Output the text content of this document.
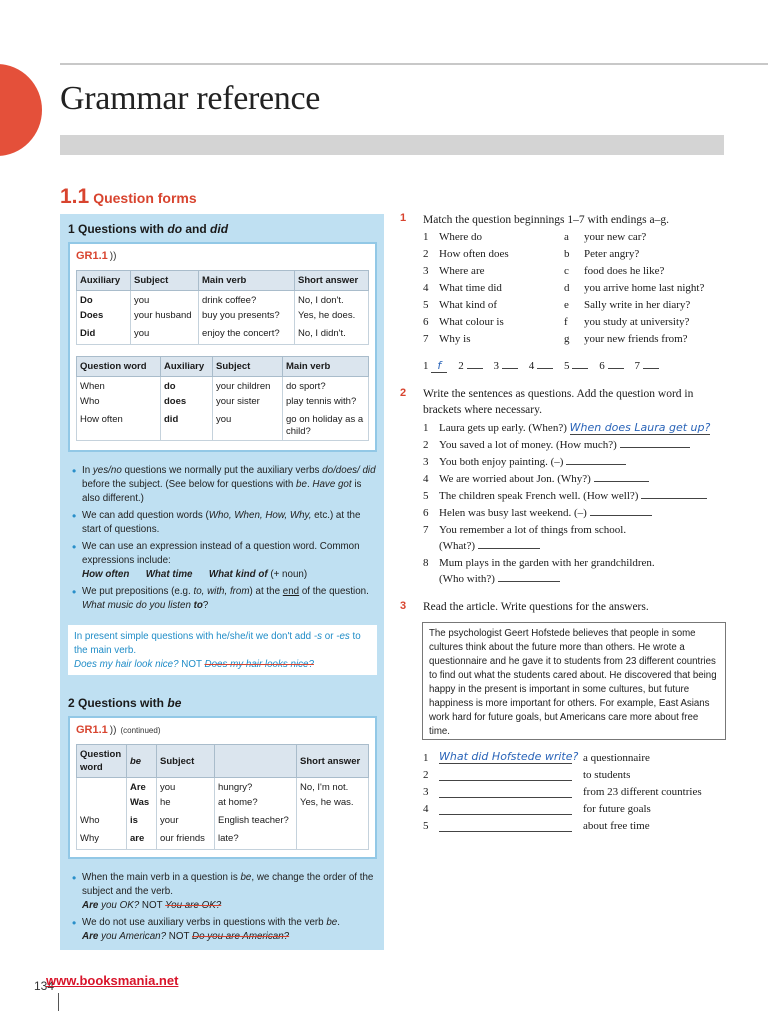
Grammar reference
1.1 Question forms
1 Questions with do and did
GR1.1 ))
Auxiliary	Subject	Main verb	Short answer
Do	you	drink coffee?	No, I don't.
Does	your husband	buy you presents?	Yes, he does.
Did	you	enjoy the concert?	No, I didn't.
Question word	Auxiliary	Subject	Main verb
When	do	your children	do sport?
Who	does	your sister	play tennis with?
How often	did	you	go on holiday as a child?
• In yes/no questions we normally put the auxiliary verbs do/does/ did before the subject. (See below for questions with be. Have got is also different.)
• We can add question words (Who, When, How, Why, etc.) at the start of questions.
• We can use an expression instead of a question word. Common expressions include:
How often What time What kind of (+ noun)
• We put prepositions (e.g. to, with, from) at the end of the question. What music do you listen to?
In present simple questions with he/she/it we don't add -s or -es to the main verb.
Does my hair look nice? NOT Does my hair looks nice?
2 Questions with be
GR1.1 )) (continued)
Question word	be	Subject		Short answer
	Are	you	hungry?	No, I'm not.
	Was	he	at home?	Yes, he was.
Who	is	your	English teacher?	
Why	are	our friends	late?	
• When the main verb in a question is be, we change the order of the subject and the verb.
Are you OK? NOT You are OK?
• We do not use auxiliary verbs in questions with the verb be.
Are you American? NOT Do you are American?
1 Match the question beginnings 1–7 with endings a–g.
1 Where do	a your new car?
2 How often does	b Peter angry?
3 Where are	c food does he like?
4 What time did	d you arrive home last night?
5 What kind of	e Sally write in her diary?
6 What colour is	f you study at university?
7 Why is	g your new friends from?
1 f 2	3	4	5	6	7
2 Write the sentences as questions. Add the question word in brackets where necessary.
1 Laura gets up early. (When?) When does Laura get up?
2 You saved a lot of money. (How much?)
3 You both enjoy painting. (–)
4 We are worried about Jon. (Why?)
5 The children speak French well. (How well?)
6 Helen was busy last weekend. (–)
7 You remember a lot of things from school.
(What?)
8 Mum plays in the garden with her grandchildren.
(Who with?)
3 Read the article. Write questions for the answers.
The psychologist Geert Hofstede believes that people in some cultures think about the future more than others. He wrote a questionnaire and he gave it to students from 23 different countries to find out what the students cared about. He discovered that being happy in the present is important in some cultures, but future happiness is more important for others. For example, East Asians work hard for future goals, but Americans care more about free time.
1 What did Hofstede write? a questionnaire
2	to students
3	from 23 different countries
4	for future goals
5	about free time
134
www.booksmania.net
